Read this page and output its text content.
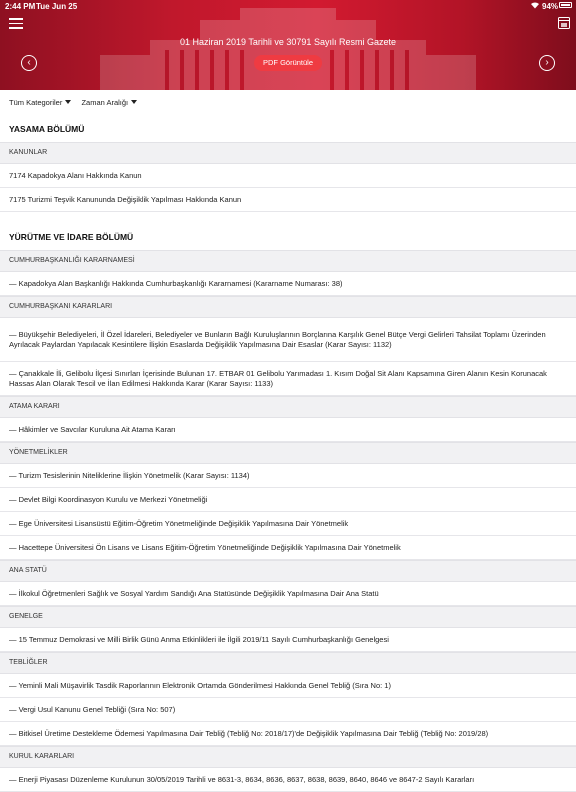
2:44 PM Tue Jun 25	94%
01 Haziran 2019 Tarihli ve 30791 Sayılı Resmi Gazete
‹	PDF Görüntüle	›
Tüm Kategoriler	Zaman Aralığı
YASAMA BÖLÜMÜ
KANUNLAR
7174 Kapadokya Alanı Hakkında Kanun
7175 Turizmi Teşvik Kanununda Değişiklik Yapılması Hakkında Kanun
YÜRÜTME VE İDARE BÖLÜMÜ
CUMHURBAŞKANLIĞI KARARNAMESİ
— Kapadokya Alan Başkanlığı Hakkında Cumhurbaşkanlığı Kararnamesi (Kararname Numarası: 38)
CUMHURBAŞKANI KARARLARI
— Büyükşehir Belediyeleri, İl Özel İdareleri, Belediyeler ve Bunların Bağlı Kuruluşlarının Borçlarına Karşılık Genel Bütçe Vergi Gelirleri Tahsilat Toplamı Üzerinden Ayrılacak Paylardan Yapılacak Kesintilere İlişkin Esaslarda Değişiklik Yapılmasına Dair Esaslar (Karar Sayısı: 1132)
— Çanakkale İli, Gelibolu İlçesi Sınırları İçerisinde Bulunan 17. ETBAR 01 Gelibolu Yarımadası 1. Kısım Doğal Sit Alanı Kapsamına Giren Alanın Kesin Korunacak Hassas Alan Olarak Tescil ve İlan Edilmesi Hakkında Karar (Karar Sayısı: 1133)
ATAMA KARARI
— Hâkimler ve Savcılar Kuruluna Ait Atama Kararı
YÖNETMELİKLER
— Turizm Tesislerinin Niteliklerine İlişkin Yönetmelik (Karar Sayısı: 1134)
— Devlet Bilgi Koordinasyon Kurulu ve Merkezi Yönetmeliği
— Ege Üniversitesi Lisansüstü Eğitim-Öğretim Yönetmeliğinde Değişiklik Yapılmasına Dair Yönetmelik
— Hacettepe Üniversitesi Ön Lisans ve Lisans Eğitim-Öğretim Yönetmeliğinde Değişiklik Yapılmasına Dair Yönetmelik
ANA STATÜ
— İlkokul Öğretmenleri Sağlık ve Sosyal Yardım Sandığı Ana Statüsünde Değişiklik Yapılmasına Dair Ana Statü
GENELGE
— 15 Temmuz Demokrasi ve Milli Birlik Günü Anma Etkinlikleri ile İlgili 2019/11 Sayılı Cumhurbaşkanlığı Genelgesi
TEBLİĞLER
— Yeminli Mali Müşavirlik Tasdik Raporlarının Elektronik Ortamda Gönderilmesi Hakkında Genel Tebliğ (Sıra No: 1)
— Vergi Usul Kanunu Genel Tebliği (Sıra No: 507)
— Bitkisel Üretime Destekleme Ödemesi Yapılmasına Dair Tebliğ (Tebliğ No: 2018/17)'de Değişiklik Yapılmasına Dair Tebliğ (Tebliğ No: 2019/28)
KURUL KARARLARI
— Enerji Piyasası Düzenleme Kurulunun 30/05/2019 Tarihli ve 8631-3, 8634, 8636, 8637, 8638, 8639, 8640, 8646 ve 8647-2 Sayılı Kararları
